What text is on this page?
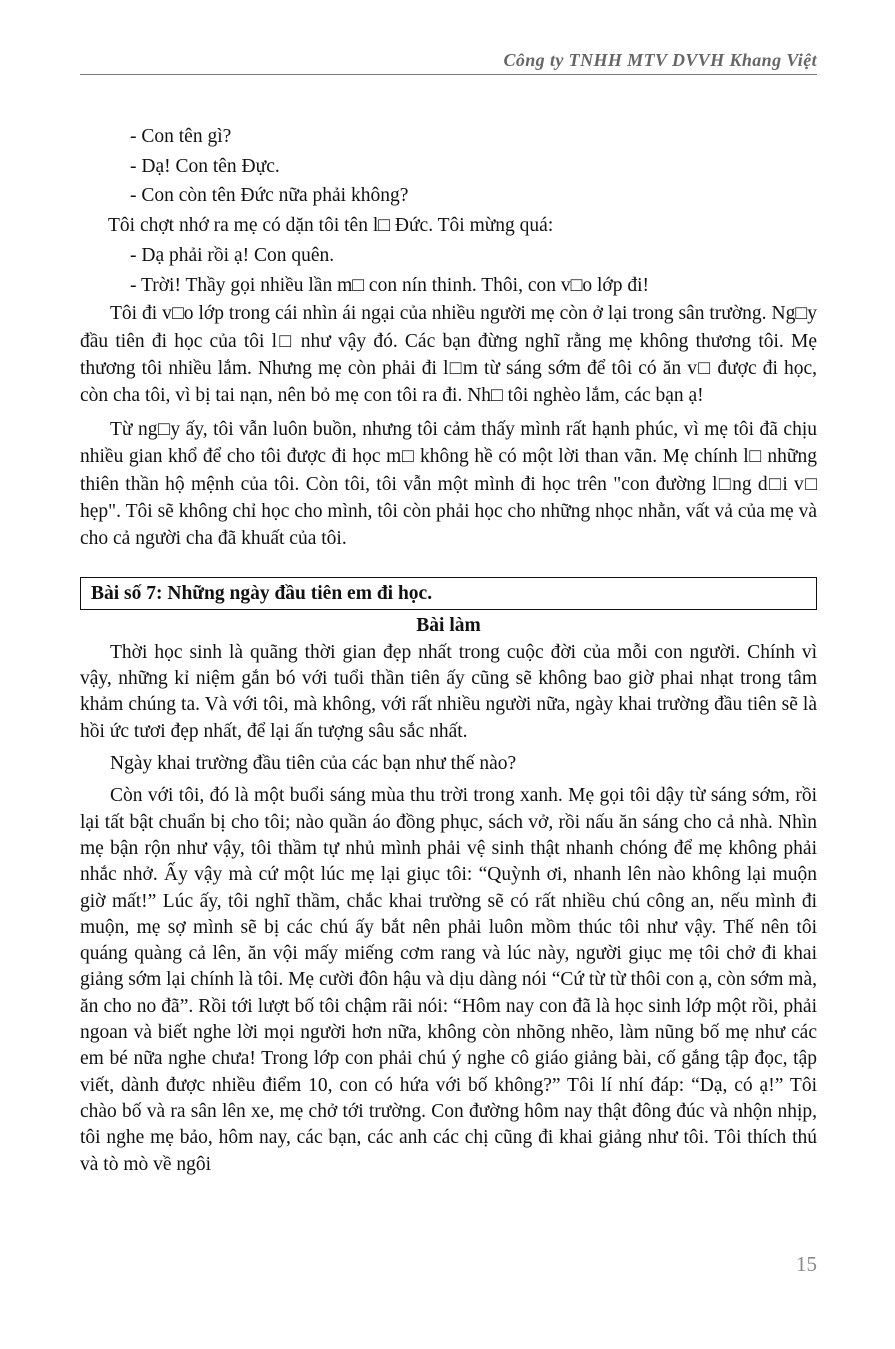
Công ty TNHH MTV DVVH Khang Việt

- Con tên gì?

- Dạ! Con tên Đực.

- Con còn tên Đức nữa phải không?

Tôi chợt nhớ ra mẹ có dặn tôi tên l□ Đức. Tôi mừng quá:

- Dạ phải rồi ạ! Con quên.

- Trời! Thầy gọi nhiều lần m□ con nín thinh. Thôi, con v□o lớp đi!

Tôi đi v□o lớp trong cái nhìn ái ngại của nhiều người mẹ còn ở lại trong sân trường. Ng□y đầu tiên đi học của tôi l□ như vậy đó. Các bạn đừng nghĩ rằng mẹ không thương tôi. Mẹ thương tôi nhiều lắm. Nhưng mẹ còn phải đi l□m từ sáng sớm để tôi có ăn v□ được đi học, còn cha tôi, vì bị tai nạn, nên bỏ mẹ con tôi ra đi. Nh□ tôi nghèo lắm, các bạn ạ!

Từ ng□y ấy, tôi vẫn luôn buồn, nhưng tôi cảm thấy mình rất hạnh phúc, vì mẹ tôi đã chịu nhiều gian khổ để cho tôi được đi học m□ không hề có một lời than vãn. Mẹ chính l□ những thiên thần hộ mệnh của tôi. Còn tôi, tôi vẫn một mình đi học trên "con đường l□ng d□i v□ hẹp". Tôi sẽ không chỉ học cho mình, tôi còn phải học cho những nhọc nhằn, vất vả của mẹ và cho cả người cha đã khuất của tôi.

Bài số 7: Những ngày đầu tiên em đi học.

Bài làm

Thời học sinh là quãng thời gian đẹp nhất trong cuộc đời của mỗi con người. Chính vì vậy, những kỉ niệm gắn bó với tuổi thần tiên ấy cũng sẽ không bao giờ phai nhạt trong tâm khảm chúng ta. Và với tôi, mà không, với rất nhiều người nữa, ngày khai trường đầu tiên sẽ là hồi ức tươi đẹp nhất, để lại ấn tượng sâu sắc nhất.

Ngày khai trường đầu tiên của các bạn như thế nào?

Còn với tôi, đó là một buổi sáng mùa thu trời trong xanh. Mẹ gọi tôi dậy từ sáng sớm, rồi lại tất bật chuẩn bị cho tôi; nào quần áo đồng phục, sách vở, rồi nấu ăn sáng cho cả nhà. Nhìn mẹ bận rộn như vậy, tôi thầm tự nhủ mình phải vệ sinh thật nhanh chóng để mẹ không phải nhắc nhở. Ấy vậy mà cứ một lúc mẹ lại giục tôi: “Quỳnh ơi, nhanh lên nào không lại muộn giờ mất!” Lúc ấy, tôi nghĩ thầm, chắc khai trường sẽ có rất nhiều chú công an, nếu mình đi muộn, mẹ sợ mình sẽ bị các chú ấy bắt nên phải luôn mồm thúc tôi như vậy. Thế nên tôi quáng quàng cả lên, ăn vội mấy miếng cơm rang và lúc này, người giục mẹ tôi chở đi khai giảng sớm lại chính là tôi. Mẹ cười đôn hậu và dịu dàng nói “Cứ từ từ thôi con ạ, còn sớm mà, ăn cho no đã”. Rồi tới lượt bố tôi chậm rãi nói: “Hôm nay con đã là học sinh lớp một rồi, phải ngoan và biết nghe lời mọi người hơn nữa, không còn nhõng nhẽo, làm nũng bố mẹ như các em bé nữa nghe chưa! Trong lớp con phải chú ý nghe cô giáo giảng bài, cố gắng tập đọc, tập viết, dành được nhiều điểm 10, con có hứa với bố không?” Tôi lí nhí đáp: “Dạ, có ạ!” Tôi chào bố và ra sân lên xe, mẹ chở tới trường. Con đường hôm nay thật đông đúc và nhộn nhịp, tôi nghe mẹ bảo, hôm nay, các bạn, các anh các chị cũng đi khai giảng như tôi. Tôi thích thú và tò mò về ngôi

15
